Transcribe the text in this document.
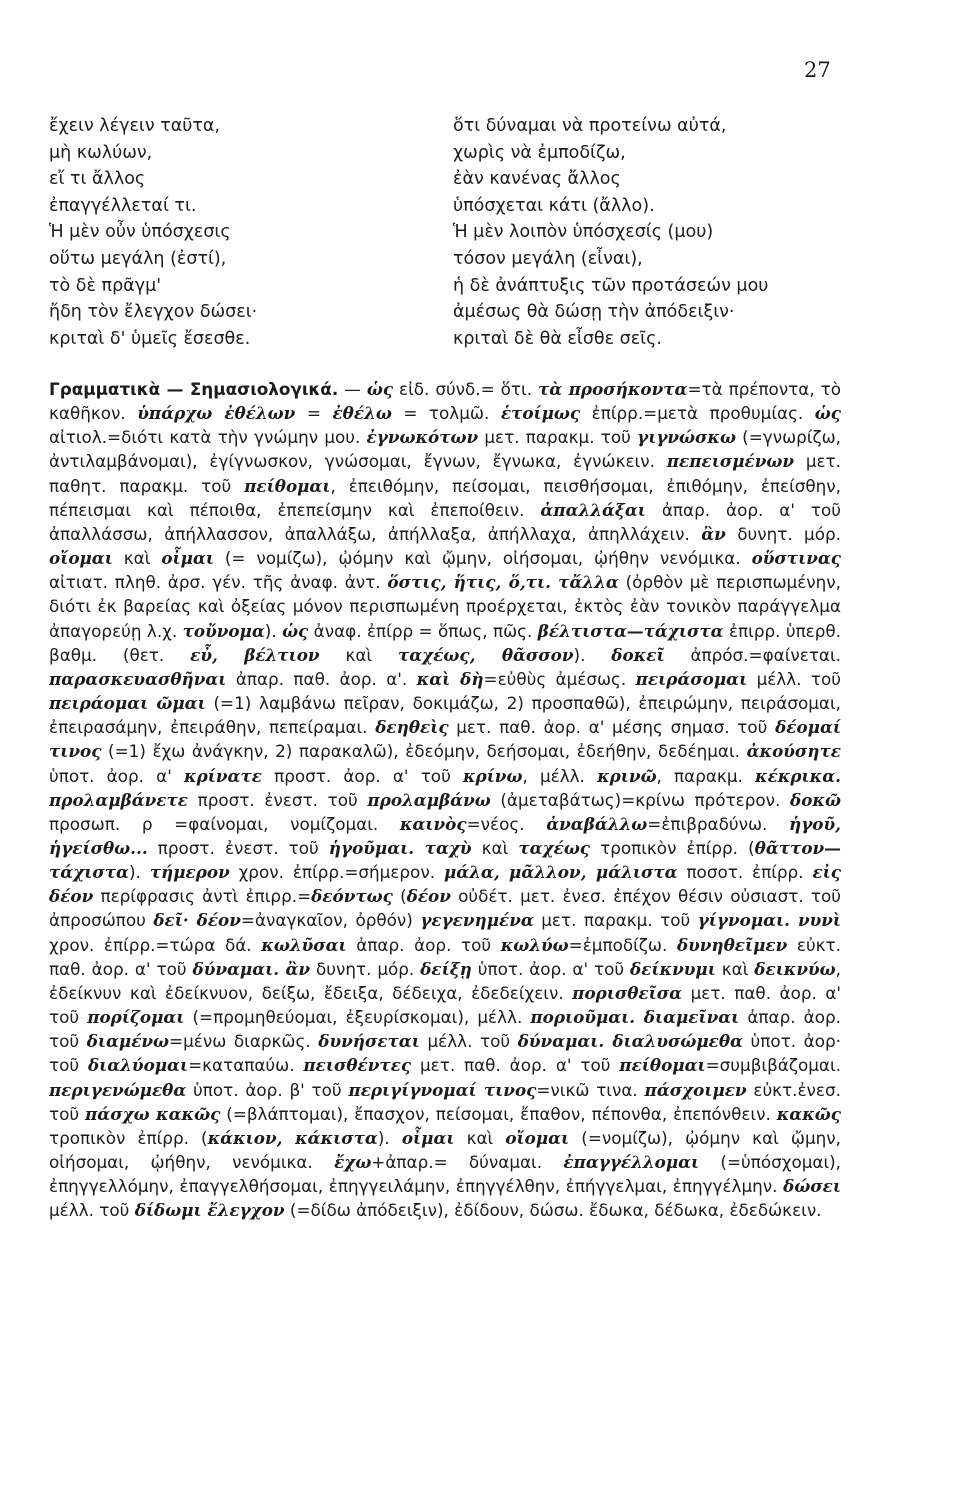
27
ἔχειν λέγειν ταῦτα,
μὴ κωλύων,
εἴ τι ἄλλος
ἐπαγγέλλεταί τι.
Ἡ μὲν οὖν ὑπόσχεσις
οὕτω μεγάλη (ἐστί),
τὸ δὲ πρᾶγμ'
ἤδη τὸν ἔλεγχον δώσει·
κριταὶ δ' ὑμεῖς ἔσεσθε.
ὅτι δύναμαι νὰ προτείνω αὐτά,
χωρὶς νὰ ἐμποδίζω,
ἐὰν κανένας ἄλλος
ὑπόσχεται κάτι (ἄλλο).
Ἡ μὲν λοιπὸν ὑπόσχεσίς (μου)
τόσον μεγάλη (εἶναι),
ἡ δὲ ἀνάπτυξις τῶν προτάσεών μου
ἀμέσως θὰ δώσῃ τὴν ἀπόδειξιν·
κριταὶ δὲ θὰ εἶσθε σεῖς.
Γραμματικὰ — Σημασιολογικά. — ὡς εἰδ. σύνδ.= ὅτι. τὰ προσήκοντα=τὰ πρέποντα, τὸ καθῆκον. ὑπάρχω ἐθέλων = ἐθέλω = τολμῶ. ἑτοίμως ἐπίρρ.=μετὰ προθυμίας. ὡς αἰτιολ.=διότι κατὰ τὴν γνώμην μου. ἐγνωκότων μετ. παρακμ. τοῦ γιγνώσκω (=γνωρίζω, ἀντιλαμβάνομαι), ἐγίγνωσκον, γνώσομαι, ἔγνων, ἔγνωκα, ἐγνώκειν. πεπεισμένων μετ. παθητ. παρακμ. τοῦ πείθομαι, ἐπειθόμην, πείσομαι, πεισθήσομαι, ἐπιθόμην, ἐπείσθην, πέπεισμαι καὶ πέποιθα, ἐπεπείσμην καὶ ἐπεποίθειν. ἀπαλλάξαι ἀπαρ. ἀορ. α' τοῦ ἀπαλλάσσω, ἀπήλλασσον, ἀπαλλάξω, ἀπήλλαξα, ἀπήλλαχα, ἀπηλλάχειν. ἂν δυνητ. μόρ. οἴομαι καὶ οἶμαι (= νομίζω), ᾠόμην καὶ ᾤμην, οἰήσομαι, ᾠήθην νενόμικα. οὕστινας αἰτιατ. πληθ. ἀρσ. γέν. τῆς ἀναφ. ἀντ. ὅστις, ἥτις, ὅ,τι. τἄλλα (ὀρθὸν μὲ περισπωμένην, διότι ἐκ βαρείας καὶ ὀξείας μόνον περισπωμένη προέρχεται, ἐκτὸς ἐὰν τονικὸν παράγγελμα ἀπαγορεύῃ λ.χ. τοὔνομα). ὡς ἀναφ. ἐπίρρ = ὅπως, πῶς. βέλτιστα—τάχιστα ἐπιρρ. ὑπερθ. βαθμ. (θετ. εὖ, βέλτιον καὶ ταχέως, θᾶσσον). δοκεῖ ἀπρόσ.=φαίνεται. παρασκευασθῆναι ἀπαρ. παθ. ἀορ. α'. καὶ δὴ=εὐθὺς ἀμέσως. πειράσομαι μέλλ. τοῦ πειράομαι ῶμαι (=1) λαμβάνω πεῖραν, δοκιμάζω, 2) προσπαθῶ), ἐπειρώμην, πειράσομαι, ἐπειρασάμην, ἐπειράθην, πεπείραμαι. δεηθεὶς μετ. παθ. ἀορ. α' μέσης σημασ. τοῦ δέομαί τινος (=1) ἔχω ἀνάγκην, 2) παρακαλῶ), ἐδεόμην, δεήσομαι, ἐδεήθην, δεδέημαι. ἀκούσητε ὑποτ. ἀορ. α' κρίνατε προστ. ἀορ. α' τοῦ κρίνω, μέλλ. κρινῶ, παρακμ. κέκρικα. προλαμβάνετε προστ. ἐνεστ. τοῦ προλαμβάνω (ἀμεταβάτως)=κρίνω πρότερον. δοκῶ προσωπ. ρ =φαίνομαι, νομίζομαι. καινὸς=νέος. ἀναβάλλω=ἐπιβραδύνω. ἡγοῦ, ἡγείσθω... προστ. ἐνεστ. τοῦ ἡγοῦμαι. ταχὺ καὶ ταχέως τροπικὸν ἐπίρρ. (θᾶττον—τάχιστα). τήμερον χρον. ἐπίρρ.=σήμερον. μάλα, μᾶλλον, μάλιστα ποσοτ. ἐπίρρ. εἰς δέον περίφρασις ἀντὶ ἐπιρρ.=δεόντως (δέον οὐδέτ. μετ. ἐνεσ. ἐπέχον θέσιν οὐσιαστ. τοῦ ἀπροσώπου δεῖ· δέον=ἀναγκαῖον, ὀρθόν) γεγενημένα μετ. παρακμ. τοῦ γίγνομαι. νυνὶ χρον. ἐπίρρ.=τώρα δά. κωλῦσαι ἀπαρ. ἀορ. τοῦ κωλύω=ἐμποδίζω. δυνηθεῖμεν εὐκτ. παθ. ἀορ. α' τοῦ δύναμαι. ἂν δυνητ. μόρ. δείξῃ ὑποτ. ἀορ. α' τοῦ δείκνυμι καὶ δεικνύω, ἐδείκνυν καὶ ἐδείκνυον, δείξω, ἔδειξα, δέδειχα, ἐδεδείχειν. πορισθεῖσα μετ. παθ. ἀορ. α' τοῦ πορίζομαι (=προμηθεύομαι, ἐξευρίσκομαι), μέλλ. ποριοῦμαι. διαμεῖναι ἀπαρ. ἀορ. τοῦ διαμένω=μένω διαρκῶς. δυνήσεται μέλλ. τοῦ δύναμαι. διαλυσώμεθα ὑποτ. ἀορ· τοῦ διαλύομαι=καταπαύω. πεισθέντες μετ. παθ. ἀορ. α' τοῦ πείθομαι=συμβιβάζομαι. περιγενώμεθα ὑποτ. ἀορ. β' τοῦ περιγίγνομαί τινος=νικῶ τινα. πάσχοιμεν εὐκτ.ἐνεσ. τοῦ πάσχω κακῶς (=βλάπτομαι), ἔπασχον, πείσομαι, ἔπαθον, πέπονθα, ἐπεπόνθειν. κακῶς τροπικὸν ἐπίρρ. (κάκιον, κάκιστα). οἶμαι καὶ οἴομαι (=νομίζω), ᾠόμην καὶ ᾤμην, οἰήσομαι, ᾠήθην, νενόμικα. ἔχω+ἀπαρ.= δύναμαι. ἐπαγγέλλομαι (=ὑπόσχομαι), ἐπηγγελλόμην, ἐπαγγελθήσομαι, ἐπηγγειλάμην, ἐπηγγέλθην, ἐπήγγελμαι, ἐπηγγέλμην. δώσει μέλλ. τοῦ δίδωμι ἔλεγχον (=δίδω ἀπόδειξιν), ἐδίδουν, δώσω. ἔδωκα, δέδωκα, ἐδεδώκειν.
